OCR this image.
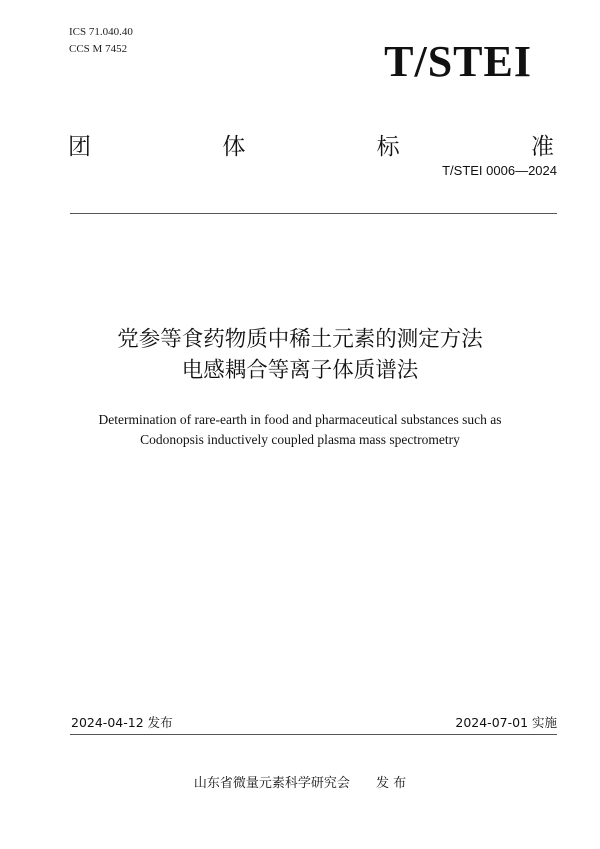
ICS 71.040.40
CCS M 7452	T/STEI
团	体	标	准
T/STEI 0006—2024
党参等食药物质中稀土元素的测定方法
电感耦合等离子体质谱法
Determination of rare-earth in food and pharmaceutical substances such as
Codonopsis inductively coupled plasma mass spectrometry
2024-04-12 发布	2024-07-01 实施
山东省微量元素科学研究会 发 布
